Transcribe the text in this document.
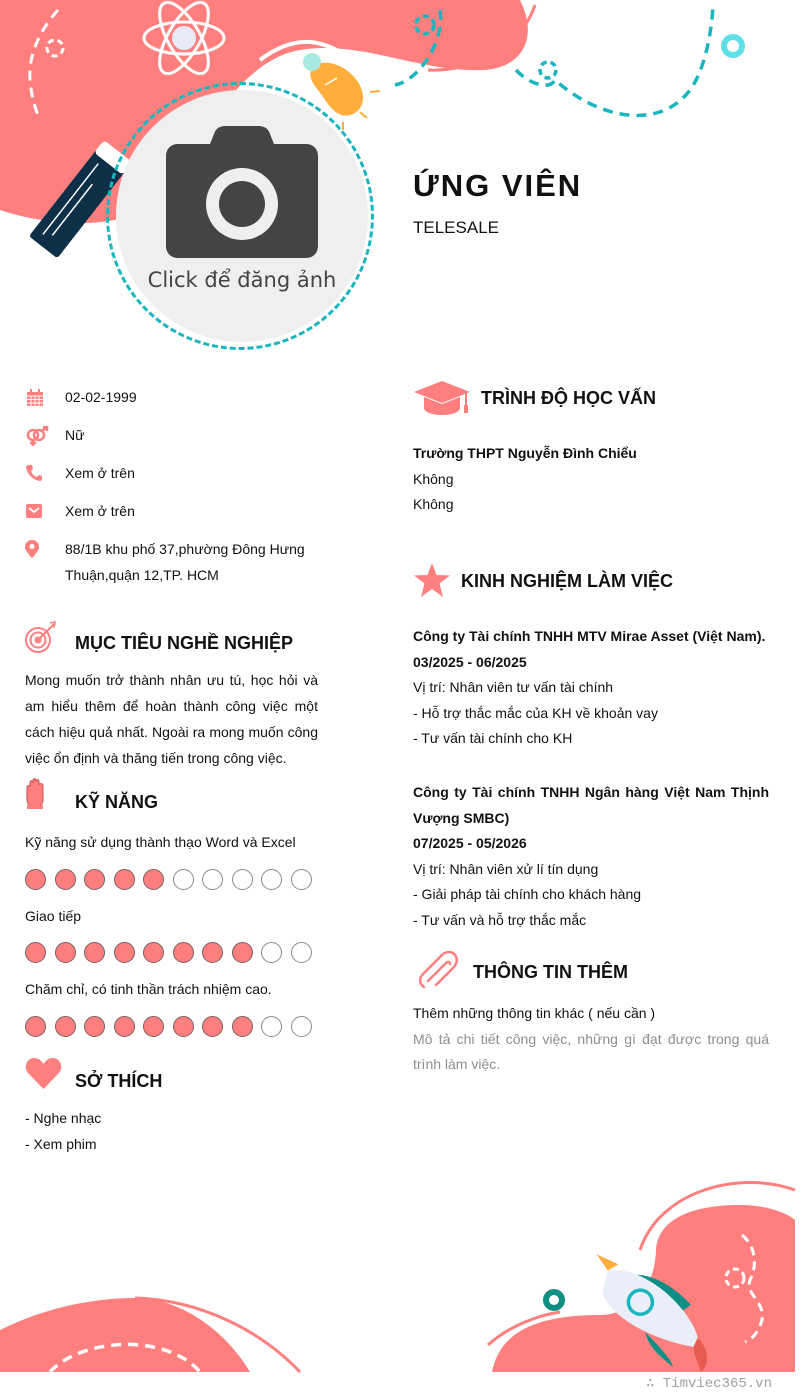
Click để đăng ảnh
ỨNG VIÊN
TELESALE
02-02-1999
Nữ
Xem ở trên
Xem ở trên
88/1B khu phố 37,phường Đông Hưng Thuận,quận 12,TP. HCM
MỤC TIÊU NGHỀ NGHIỆP
Mong muốn trở thành nhân ưu tú, học hỏi và am hiểu thêm để hoàn thành công việc một cách hiệu quả nhất. Ngoài ra mong muốn công việc ổn định và thăng tiến trong công việc.
KỸ NĂNG
Kỹ năng sử dụng thành thạo Word và Excel
Giao tiếp
Chăm chỉ, có tinh thần trách nhiệm cao.
SỞ THÍCH
- Nghe nhạc
- Xem phim
TRÌNH ĐỘ HỌC VẤN
Trường THPT Nguyễn Đình Chiểu
Không
Không
KINH NGHIỆM LÀM VIỆC
Công ty Tài chính TNHH MTV Mirae Asset (Việt Nam).
03/2025 - 06/2025
Vị trí: Nhân viên tư vấn tài chính
- Hỗ trợ thắc mắc của KH về khoản vay
- Tư vấn tài chính cho KH
Công ty Tài chính TNHH Ngân hàng Việt Nam Thịnh Vượng SMBC)
07/2025 - 05/2026
Vị trí: Nhân viên xử lí tín dụng
- Giải pháp tài chính cho khách hàng
- Tư vấn và hỗ trợ thắc mắc
THÔNG TIN THÊM
Thêm những thông tin khác ( nếu cần )
Mô tả chi tiết công việc, những gì đạt được trong quá trình làm việc.
∴ Timviec365.vn
